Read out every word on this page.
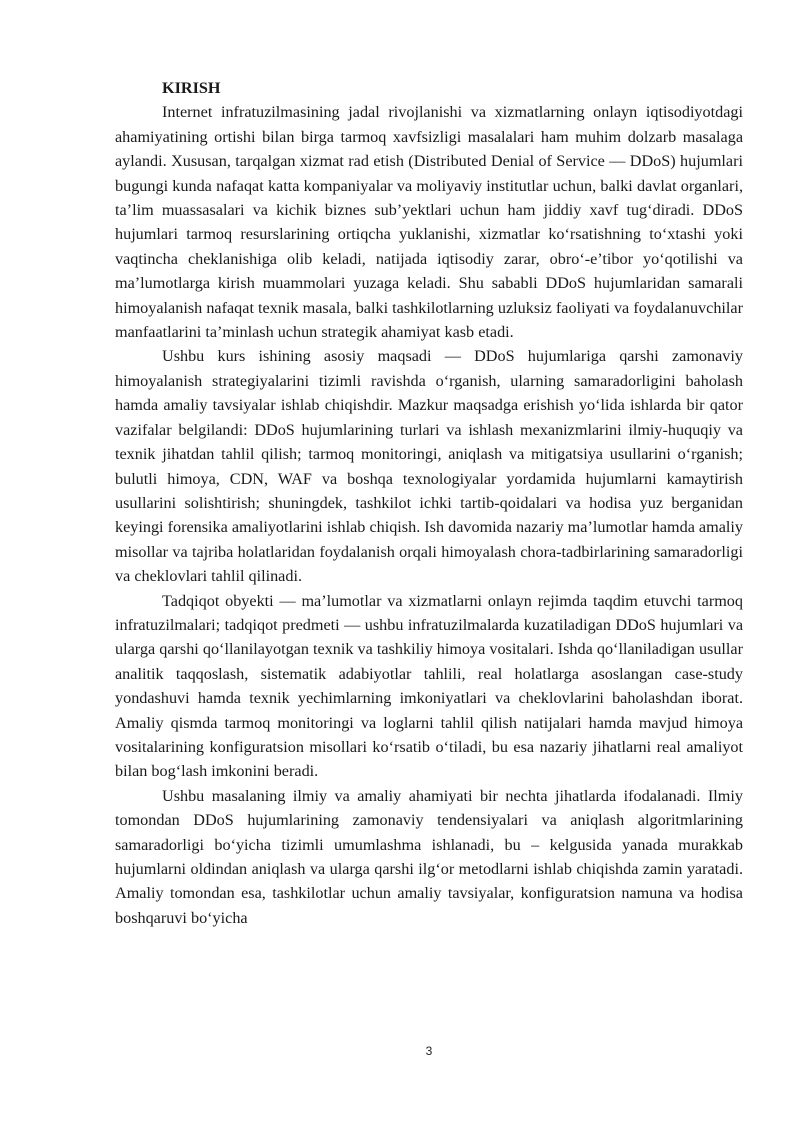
KIRISH

Internet infratuzilmasining jadal rivojlanishi va xizmatlarning onlayn iqtisodiyotdagi ahamiyatining ortishi bilan birga tarmoq xavfsizligi masalalari ham muhim dolzarb masalaga aylandi. Xususan, tarqalgan xizmat rad etish (Distributed Denial of Service — DDoS) hujumlari bugungi kunda nafaqat katta kompaniyalar va moliyaviy institutlar uchun, balki davlat organlari, ta’lim muassasalari va kichik biznes sub’yektlari uchun ham jiddiy xavf tug‘diradi. DDoS hujumlari tarmoq resurslarining ortiqcha yuklanishi, xizmatlar ko‘rsatishning to‘xtashi yoki vaqtincha cheklanishiga olib keladi, natijada iqtisodiy zarar, obro‘-e’tibor yo‘qotilishi va ma’lumotlarga kirish muammolari yuzaga keladi. Shu sababli DDoS hujumlaridan samarali himoyalanish nafaqat texnik masala, balki tashkilotlarning uzluksiz faoliyati va foydalanuvchilar manfaatlarini ta’minlash uchun strategik ahamiyat kasb etadi.

Ushbu kurs ishining asosiy maqsadi — DDoS hujumlariga qarshi zamonaviy himoyalanish strategiyalarini tizimli ravishda o‘rganish, ularning samaradorligini baholash hamda amaliy tavsiyalar ishlab chiqishdir. Mazkur maqsadga erishish yo‘lida ishlarda bir qator vazifalar belgilandi: DDoS hujumlarining turlari va ishlash mexanizmlarini ilmiy-huquqiy va texnik jihatdan tahlil qilish; tarmoq monitoringi, aniqlash va mitigatsiya usullarini o‘rganish; bulutli himoya, CDN, WAF va boshqa texnologiyalar yordamida hujumlarni kamaytirish usullarini solishtirish; shuningdek, tashkilot ichki tartib-qoidalari va hodisa yuz berganidan keyingi forensika amaliyotlarini ishlab chiqish. Ish davomida nazariy ma’lumotlar hamda amaliy misollar va tajriba holatlaridan foydalanish orqali himoyalash chora-tadbirlarining samaradorligi va cheklovlari tahlil qilinadi.

Tadqiqot obyekti — ma’lumotlar va xizmatlarni onlayn rejimda taqdim etuvchi tarmoq infratuzilmalari; tadqiqot predmeti — ushbu infratuzilmalarda kuzatiladigan DDoS hujumlari va ularga qarshi qo‘llanilayotgan texnik va tashkiliy himoya vositalari. Ishda qo‘llaniladigan usullar analitik taqqoslash, sistematik adabiyotlar tahlili, real holatlarga asoslangan case-study yondashuvi hamda texnik yechimlarning imkoniyatlari va cheklovlarini baholashdan iborat. Amaliy qismda tarmoq monitoringi va loglarni tahlil qilish natijalari hamda mavjud himoya vositalarining konfiguratsion misollari ko‘rsatib o‘tiladi, bu esa nazariy jihatlarni real amaliyot bilan bog‘lash imkonini beradi.

Ushbu masalaning ilmiy va amaliy ahamiyati bir nechta jihatlarda ifodalanadi. Ilmiy tomondan DDoS hujumlarining zamonaviy tendensiyalari va aniqlash algoritmlarining samaradorligi bo‘yicha tizimli umumlashma ishlanadi, bu – kelgusida yanada murakkab hujumlarni oldindan aniqlash va ularga qarshi ilg‘or metodlarni ishlab chiqishda zamin yaratadi. Amaliy tomondan esa, tashkilotlar uchun amaliy tavsiyalar, konfiguratsion namuna va hodisa boshqaruvi bo‘yicha

3
